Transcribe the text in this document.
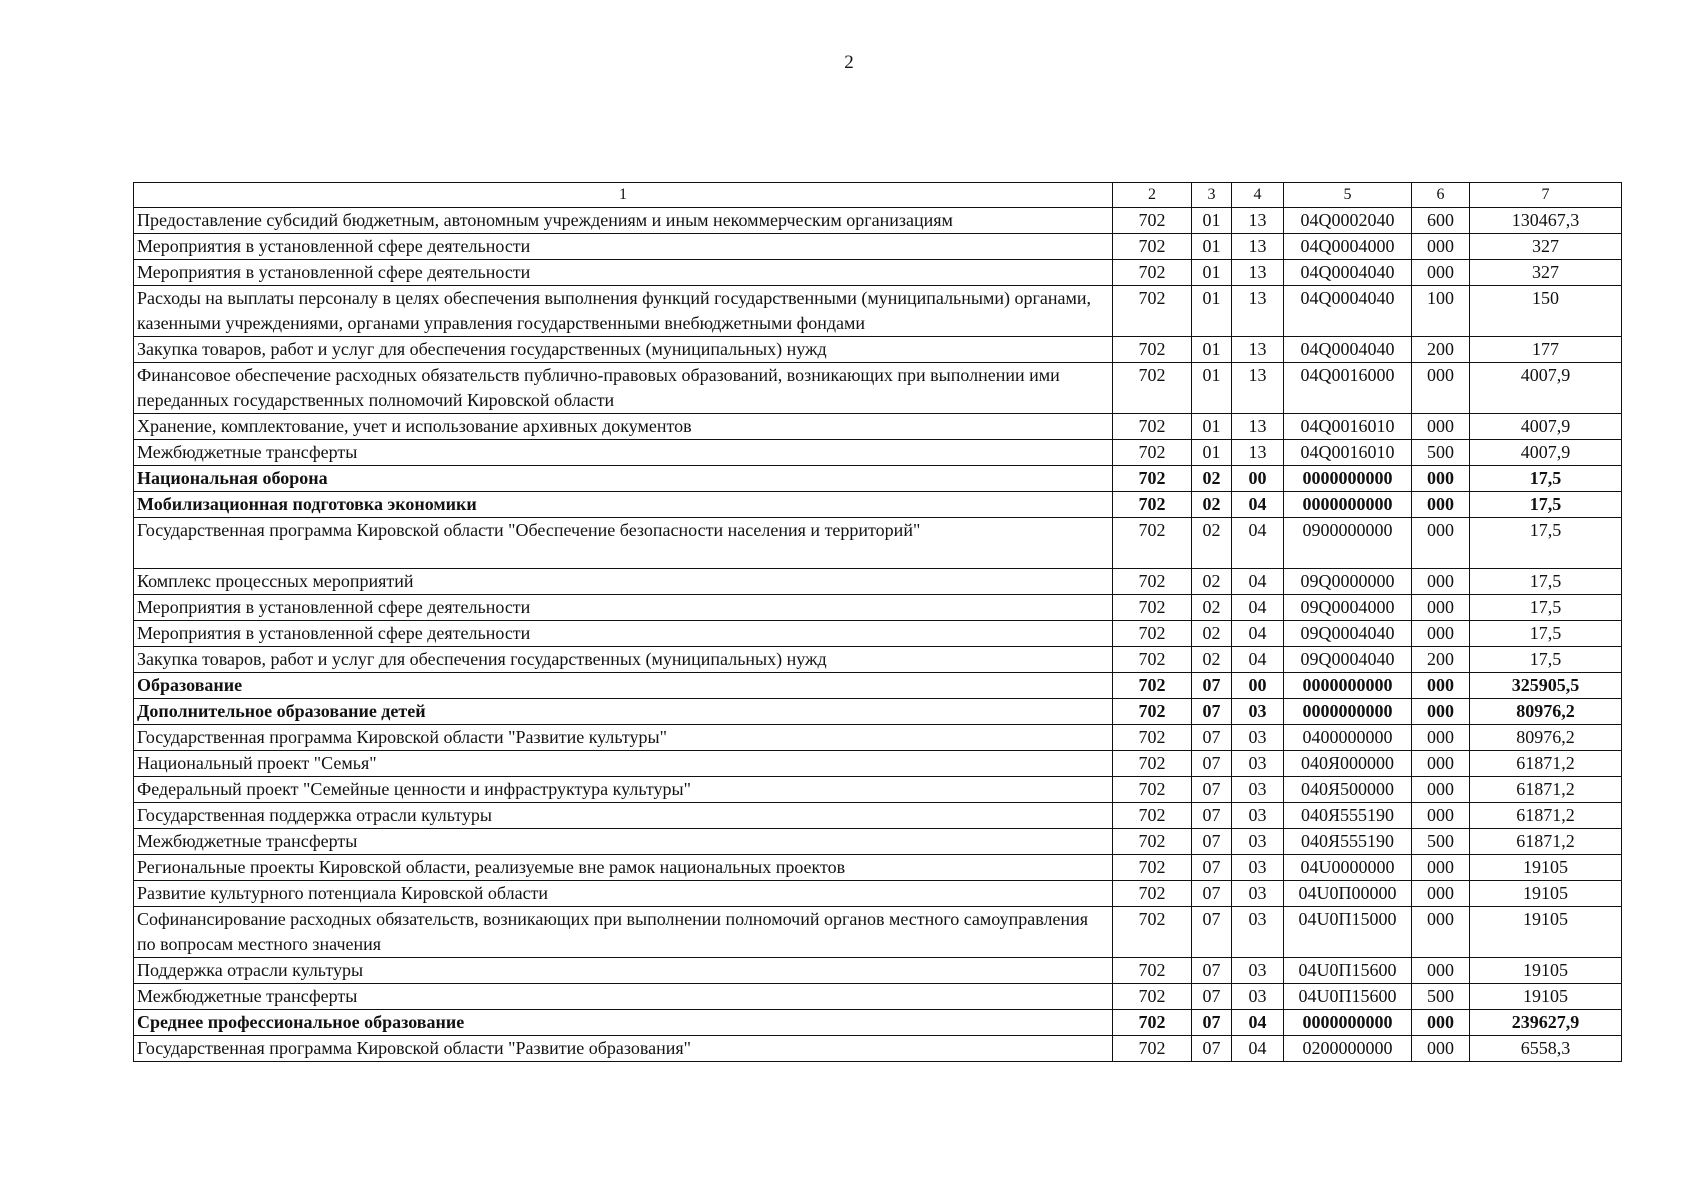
2
1	2	3	4	5	6	7
Предоставление субсидий бюджетным, автономным учреждениям и иным некоммерческим организациям	702	01	13	04Q0002040	600	130467,3
Мероприятия в установленной сфере деятельности	702	01	13	04Q0004000	000	327
Мероприятия в установленной сфере деятельности	702	01	13	04Q0004040	000	327
Расходы на выплаты персоналу в целях обеспечения выполнения функций государственными (муниципальными) органами, казенными учреждениями, органами управления государственными внебюджетными фондами	702	01	13	04Q0004040	100	150
Закупка товаров, работ и услуг для обеспечения государственных (муниципальных) нужд	702	01	13	04Q0004040	200	177
Финансовое обеспечение расходных обязательств публично-правовых образований, возникающих при выполнении ими переданных государственных полномочий Кировской области	702	01	13	04Q0016000	000	4007,9
Хранение, комплектование, учет и использование архивных документов	702	01	13	04Q0016010	000	4007,9
Межбюджетные трансферты	702	01	13	04Q0016010	500	4007,9
Национальная оборона	702	02	00	0000000000	000	17,5
Мобилизационная подготовка экономики	702	02	04	0000000000	000	17,5
Государственная программа Кировской области "Обеспечение безопасности населения и территорий"	702	02	04	0900000000	000	17,5
Комплекс процессных мероприятий	702	02	04	09Q0000000	000	17,5
Мероприятия в установленной сфере деятельности	702	02	04	09Q0004000	000	17,5
Мероприятия в установленной сфере деятельности	702	02	04	09Q0004040	000	17,5
Закупка товаров, работ и услуг для обеспечения государственных (муниципальных) нужд	702	02	04	09Q0004040	200	17,5
Образование	702	07	00	0000000000	000	325905,5
Дополнительное образование детей	702	07	03	0000000000	000	80976,2
Государственная программа Кировской области "Развитие культуры"	702	07	03	0400000000	000	80976,2
Национальный проект "Семья"	702	07	03	040Я000000	000	61871,2
Федеральный проект "Семейные ценности и инфраструктура культуры"	702	07	03	040Я500000	000	61871,2
Государственная поддержка отрасли культуры	702	07	03	040Я555190	000	61871,2
Межбюджетные трансферты	702	07	03	040Я555190	500	61871,2
Региональные проекты Кировской области, реализуемые вне рамок национальных проектов	702	07	03	04U0000000	000	19105
Развитие культурного потенциала Кировской области	702	07	03	04U0П00000	000	19105
Софинансирование расходных обязательств, возникающих при выполнении полномочий органов местного самоуправления по вопросам местного значения	702	07	03	04U0П15000	000	19105
Поддержка отрасли культуры	702	07	03	04U0П15600	000	19105
Межбюджетные трансферты	702	07	03	04U0П15600	500	19105
Среднее профессиональное образование	702	07	04	0000000000	000	239627,9
Государственная программа Кировской области "Развитие образования"	702	07	04	0200000000	000	6558,3
